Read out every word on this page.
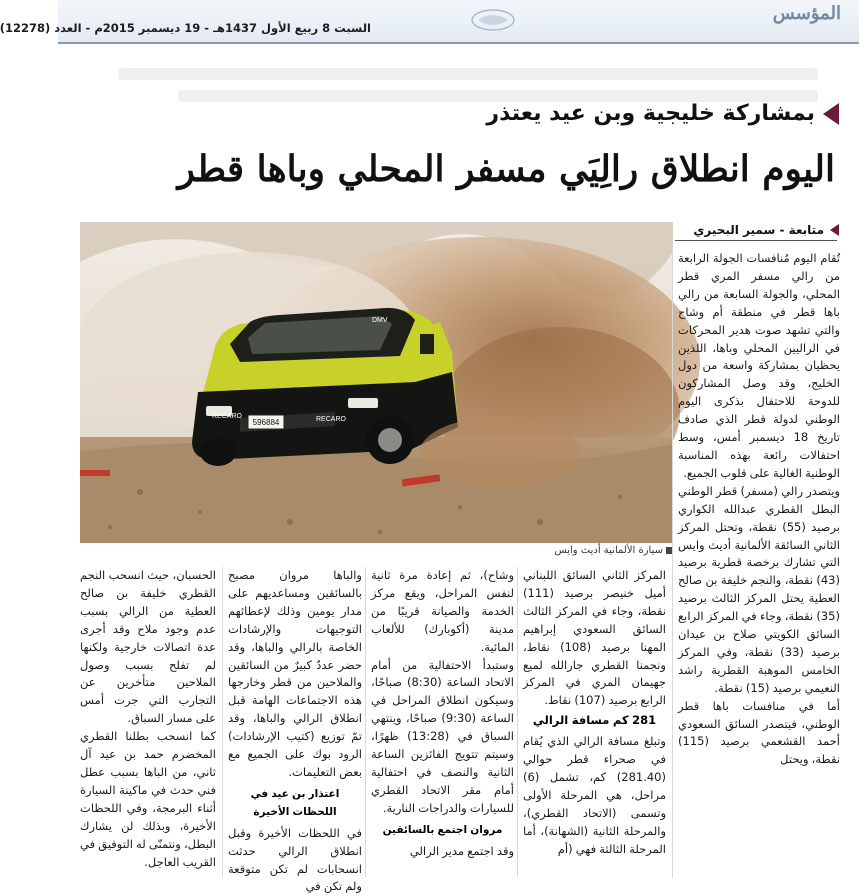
المؤسس
السبت 8 ربيع الأول 1437هـ - 19 ديسمبر 2015م - العدد (12278)
بمشاركة خليجية وبن عيد يعتذر
اليوم انطلاق رالِيَي مسفر المحلي وباها قطر
متابعة - سمير البحيري
596884
RECARO	RECARO
DMV
سيارة الألمانية أديث وايس

تُقام اليوم مُنافسات الجولة الرابعة من رالي مسفر المري قطر المحلي، والجولة السابعة من رالي باها قطر في منطقة أم وشاح والتي تشهد صوت هدير المحركات في الراليين المحلي وباها، اللذين يحظيان بمشاركة واسعة من دول الخليج، وقد وصل المشاركون للدوحة للاحتفال بذكرى اليوم الوطني لدولة قطر الذي صادف تاريخ 18 ديسمبر أمس، وسط احتفالات رائعة بهذه المناسبة الوطنية الغالية على قلوب الجميع.

ويتصدر رالي (مسفر) قطر الوطني البطل القطري عبدالله الكواري برصيد (55) نقطة، وتحتل المركز الثاني السائقة الألمانية أديث وايس التي تشارك برخصة قطرية برصيد (43) نقطة، والنجم خليفة بن صالح العطية يحتل المركز الثالث برصيد (35) نقطة، وجاء في المركز الرابع السائق الكويتي صلاح بن عيدان برصيد (33) نقطة، وفي المركز الخامس الموهبة القطرية راشد النعيمي برصيد (15) نقطة.

أما في منافسات باها قطر الوطني، فيتصدر السائق السعودي أحمد القشعمي برصيد (115) نقطة، ويحتل

المركز الثاني السائق اللبناني أميل خنيصر برصيد (111) نقطة، وجاء في المركز الثالث السائق السعودي إبراهيم المهنا برصيد (108) نقاط، ونجمنا القطري جارالله لميع جهيمان المري في المركز الرابع برصيد (107) نقاط.

281 كم مسافة الرالي

وتبلغ مسافة الرالي الذي يُقام في صحراء قطر حوالي (281.40) كم، تشمل (6) مراحل، هي المرحلة الأولى وتسمى (الاتحاد القطري)، والمرحلة الثانية (الشهانة)، أما المرحلة الثالثة فهي (أم

وشاح)، ثم إعادة مرة ثانية لنفس المراحل، ويقع مركز الخدمة والصيانة قريبًا من مدينة (أكوبارك) للألعاب المائية.

وستبدأ الاحتفالية من أمام الاتحاد الساعة (8:30) صباحًا، وسيكون انطلاق المراحل في الساعة (9:30) صباحًا، وينتهي السباق في (13:28) ظهرًا، وسيتم تتويج الفائزين الساعة الثانية والنصف في احتفالية أمام مقر الاتحاد القطري للسيارات والدراجات النارية.

مروان اجتمع بالسائقين

وقد اجتمع مدير الرالي

والباها مروان مصبح بالسائقين ومساعديهم على مدار يومين وذلك لإعطائهم التوجيهات والإرشادات الخاصة بالرالي والباها، وقد حضر عددٌ كبيرٌ من السائقين والملاحين من قطر وخارجها هذه الاجتماعات الهامة قبل انطلاق الرالي والباها، وقد تمّ توزيع (كتيب الإرشادات) الرود بوك على الجميع مع بعض التعليمات.

اعتذار بن عيد في اللحظات الأخيرة

في اللحظات الأخيرة وقبل انطلاق الرالي حدثت انسحابات لم تكن متوقعة ولم تكن في

الحسبان، حيث انسحب النجم القطري خليفة بن صالح العطية من الرالي بسبب عدم وجود ملاح وقد أجرى عدة اتصالات خارجية ولكنها لم تفلح بسبب وصول الملاحين متأخرين عن التجارب التي جرت أمس على مسار السباق.

كما انسحب بطلنا القطري المخضرم حمد بن عيد آل ثاني، من الباها بسبب عطل فني حدث في ماكينة السيارة أثناء البرمجة، وفي اللحظات الأخيرة، وبذلك لن يشارك البطل، ونتمنّى له التوفيق في القريب العاجل.
